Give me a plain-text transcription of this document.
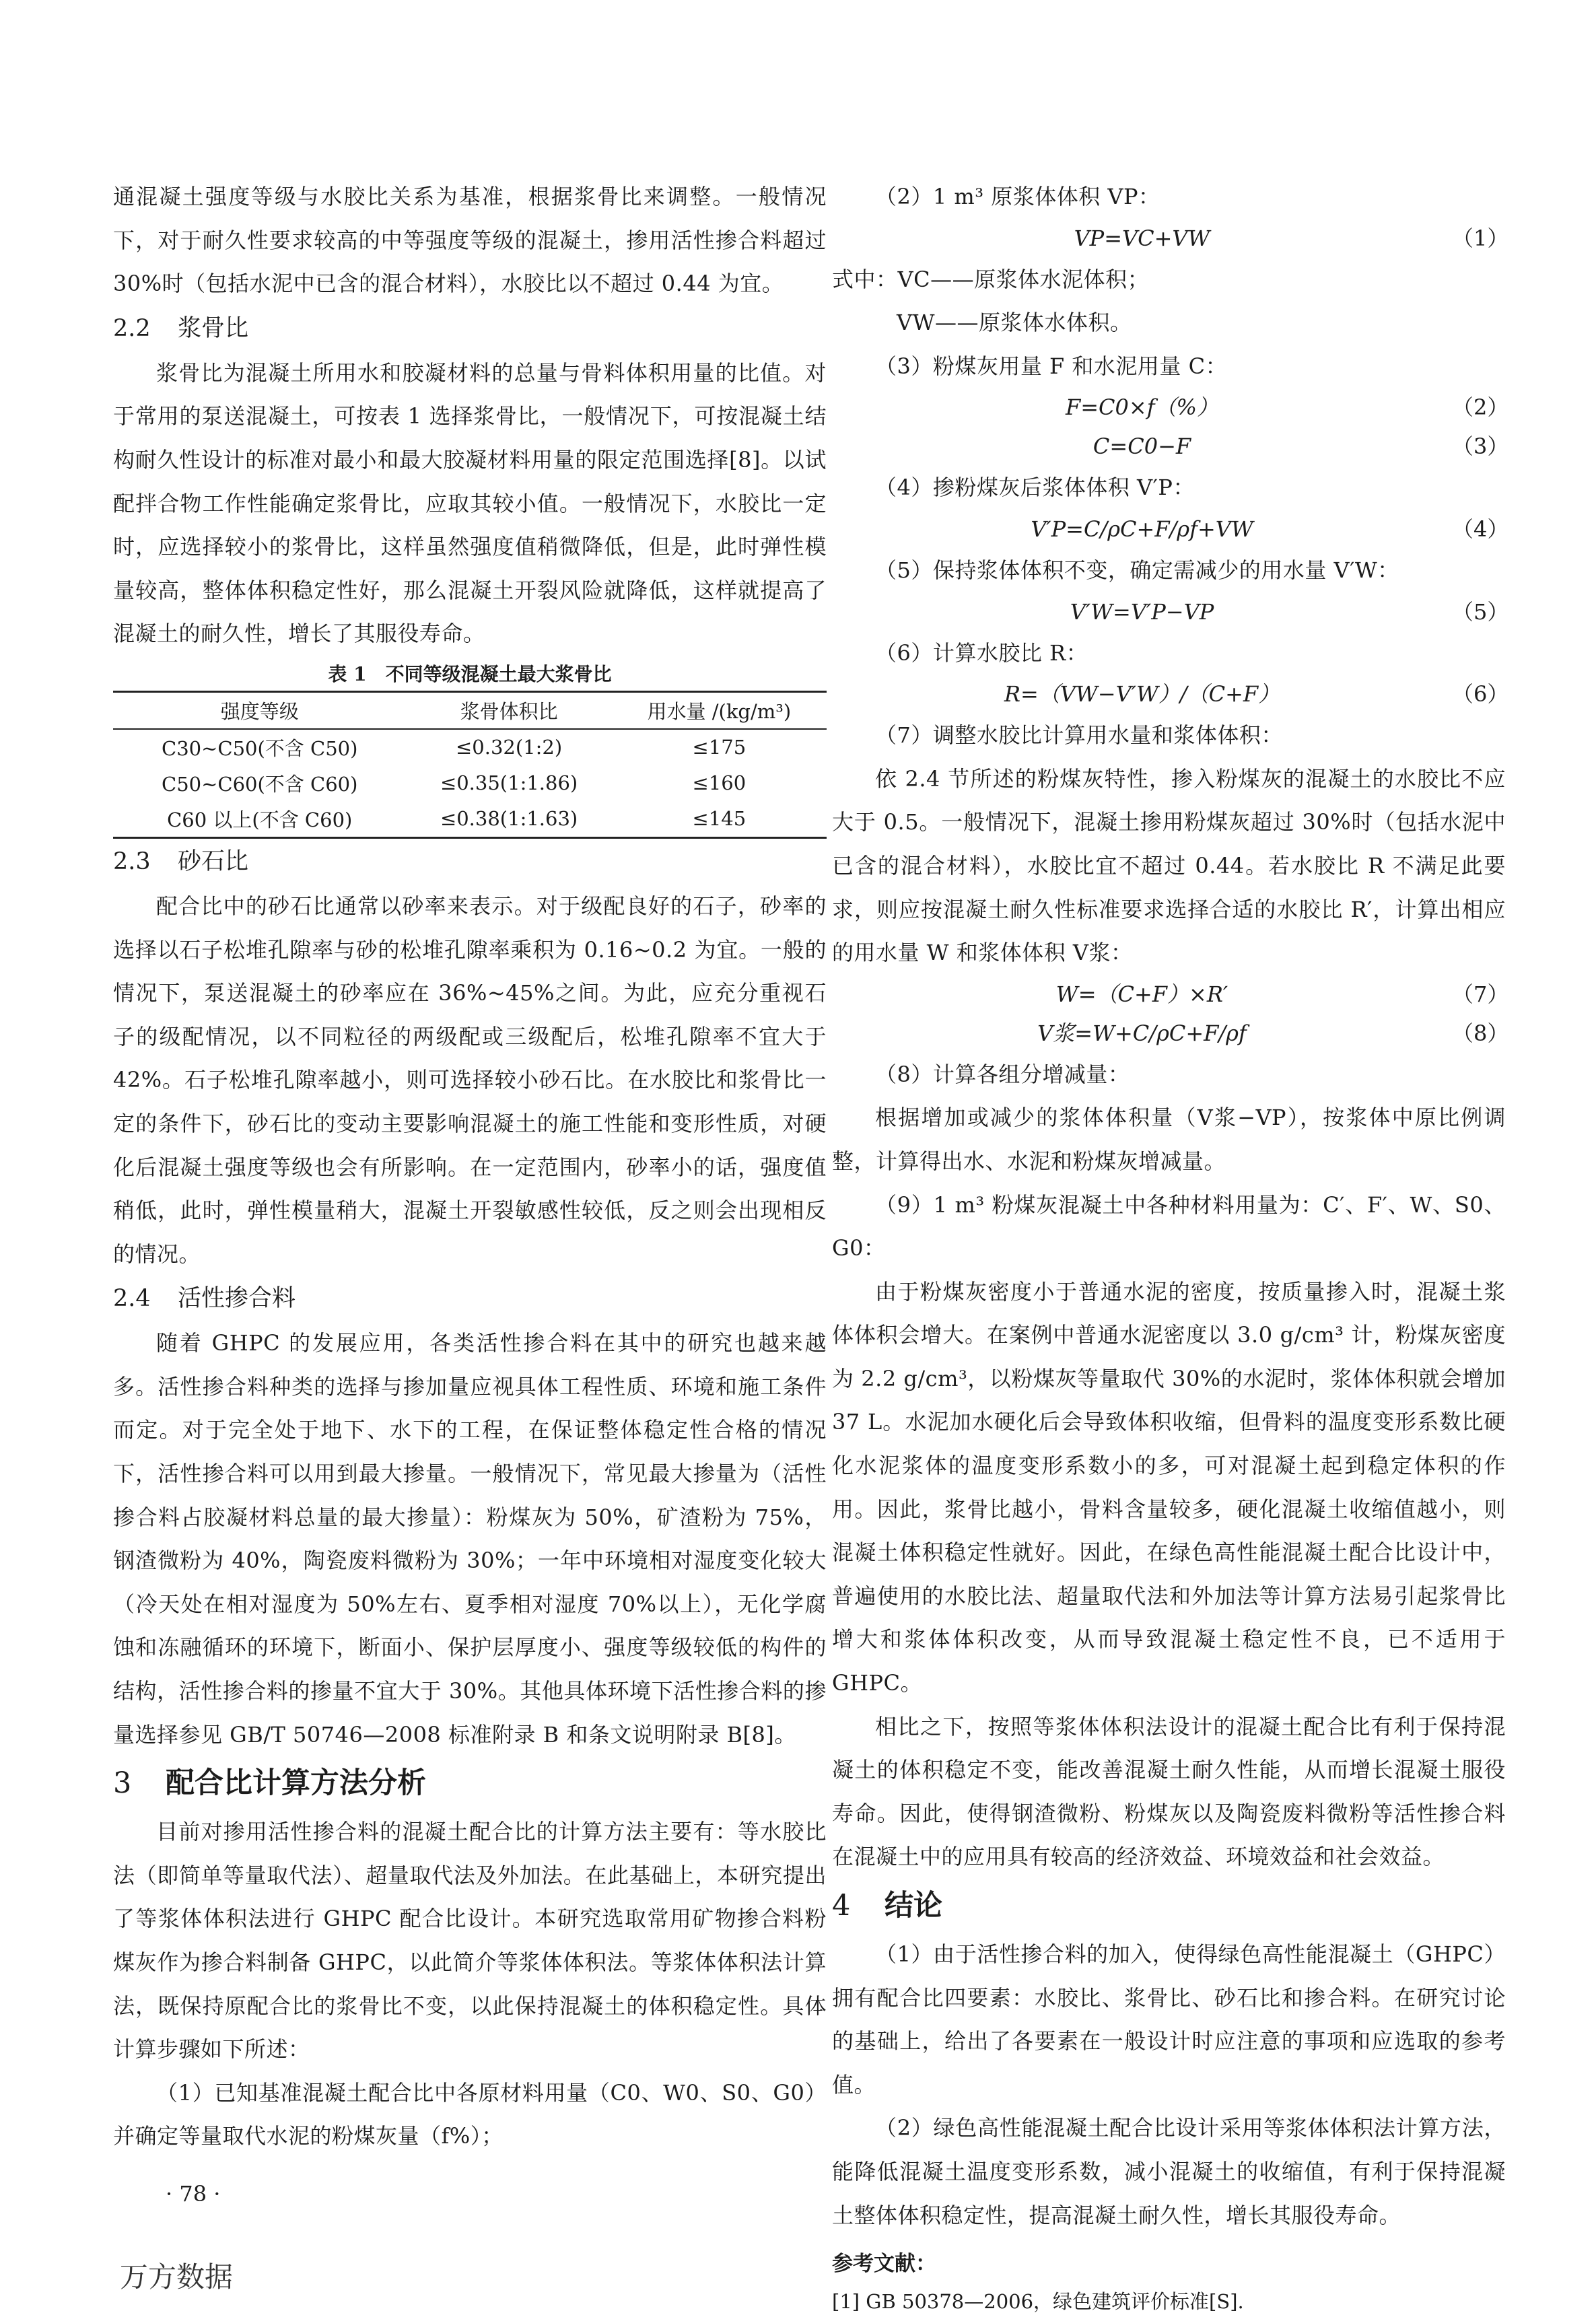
通混凝土强度等级与水胶比关系为基准，根据浆骨比来调整。一般情况下，对于耐久性要求较高的中等强度等级的混凝土，掺用活性掺合料超过 30%时（包括水泥中已含的混合材料），水胶比以不超过 0.44 为宜。

2.2 浆骨比

浆骨比为混凝土所用水和胶凝材料的总量与骨料体积用量的比值。对于常用的泵送混凝土，可按表 1 选择浆骨比，一般情况下，可按混凝土结构耐久性设计的标准对最小和最大胶凝材料用量的限定范围选择[8]。以试配拌合物工作性能确定浆骨比，应取其较小值。一般情况下，水胶比一定时，应选择较小的浆骨比，这样虽然强度值稍微降低，但是，此时弹性模量较高，整体体积稳定性好，那么混凝土开裂风险就降低，这样就提高了混凝土的耐久性，增长了其服役寿命。

表 1　不同等级混凝土最大浆骨比

强度等级	浆骨体积比	用水量 /(kg/m³)
C30~C50(不含 C50)	≤0.32(1:2)	≤175
C50~C60(不含 C60)	≤0.35(1:1.86)	≤160
C60 以上(不含 C60)	≤0.38(1:1.63)	≤145

2.3 砂石比

配合比中的砂石比通常以砂率来表示。对于级配良好的石子，砂率的选择以石子松堆孔隙率与砂的松堆孔隙率乘积为 0.16~0.2 为宜。一般的情况下，泵送混凝土的砂率应在 36%~45%之间。为此，应充分重视石子的级配情况，以不同粒径的两级配或三级配后，松堆孔隙率不宜大于 42%。石子松堆孔隙率越小，则可选择较小砂石比。在水胶比和浆骨比一定的条件下，砂石比的变动主要影响混凝土的施工性能和变形性质，对硬化后混凝土强度等级也会有所影响。在一定范围内，砂率小的话，强度值稍低，此时，弹性模量稍大，混凝土开裂敏感性较低，反之则会出现相反的情况。

2.4 活性掺合料

随着 GHPC 的发展应用，各类活性掺合料在其中的研究也越来越多。活性掺合料种类的选择与掺加量应视具体工程性质、环境和施工条件而定。对于完全处于地下、水下的工程，在保证整体稳定性合格的情况下，活性掺合料可以用到最大掺量。一般情况下，常见最大掺量为（活性掺合料占胶凝材料总量的最大掺量）：粉煤灰为 50%，矿渣粉为 75%，钢渣微粉为 40%，陶瓷废料微粉为 30%；一年中环境相对湿度变化较大（冷天处在相对湿度为 50%左右、夏季相对湿度 70%以上），无化学腐蚀和冻融循环的环境下，断面小、保护层厚度小、强度等级较低的构件的结构，活性掺合料的掺量不宜大于 30%。其他具体环境下活性掺合料的掺量选择参见 GB/T 50746—2008 标准附录 B 和条文说明附录 B[8]。

3 配合比计算方法分析

目前对掺用活性掺合料的混凝土配合比的计算方法主要有：等水胶比法（即简单等量取代法）、超量取代法及外加法。在此基础上，本研究提出了等浆体体积法进行 GHPC 配合比设计。本研究选取常用矿物掺合料粉煤灰作为掺合料制备 GHPC，以此简介等浆体体积法。等浆体体积法计算法，既保持原配合比的浆骨比不变，以此保持混凝土的体积稳定性。具体计算步骤如下所述：

（1）已知基准混凝土配合比中各原材料用量（C0、W0、S0、G0）并确定等量取代水泥的粉煤灰量（f%）；

（2）1 m³ 原浆体体积 VP：

VP=VC+VW	（1）

式中：VC——原浆体水泥体积；

VW——原浆体水体积。

（3）粉煤灰用量 F 和水泥用量 C：

F=C0×f（%）	（2）
C=C0−F	（3）

（4）掺粉煤灰后浆体体积 V′P：

V′P=C/ρC+F/ρf+VW	（4）

（5）保持浆体体积不变，确定需减少的用水量 V′W：

V′W=V′P−VP	（5）

（6）计算水胶比 R：

R=（VW−V′W）/（C+F）	（6）

（7）调整水胶比计算用水量和浆体体积：

依 2.4 节所述的粉煤灰特性，掺入粉煤灰的混凝土的水胶比不应大于 0.5。一般情况下，混凝土掺用粉煤灰超过 30%时（包括水泥中已含的混合材料），水胶比宜不超过 0.44。若水胶比 R 不满足此要求，则应按混凝土耐久性标准要求选择合适的水胶比 R′，计算出相应的用水量 W 和浆体体积 V浆：

W=（C+F）×R′	（7）
V浆=W+C/ρC+F/ρf	（8）

（8）计算各组分增减量：

根据增加或减少的浆体体积量（V浆−VP），按浆体中原比例调整，计算得出水、水泥和粉煤灰增减量。

（9）1 m³ 粉煤灰混凝土中各种材料用量为：C′、F′、W、S0、G0：

由于粉煤灰密度小于普通水泥的密度，按质量掺入时，混凝土浆体体积会增大。在案例中普通水泥密度以 3.0 g/cm³ 计，粉煤灰密度为 2.2 g/cm³，以粉煤灰等量取代 30%的水泥时，浆体体积就会增加 37 L。水泥加水硬化后会导致体积收缩，但骨料的温度变形系数比硬化水泥浆体的温度变形系数小的多，可对混凝土起到稳定体积的作用。因此，浆骨比越小，骨料含量较多，硬化混凝土收缩值越小，则混凝土体积稳定性就好。因此，在绿色高性能混凝土配合比设计中，普遍使用的水胶比法、超量取代法和外加法等计算方法易引起浆骨比增大和浆体体积改变，从而导致混凝土稳定性不良，已不适用于 GHPC。

相比之下，按照等浆体体积法设计的混凝土配合比有利于保持混凝土的体积稳定不变，能改善混凝土耐久性能，从而增长混凝土服役寿命。因此，使得钢渣微粉、粉煤灰以及陶瓷废料微粉等活性掺合料在混凝土中的应用具有较高的经济效益、环境效益和社会效益。

4 结论

（1）由于活性掺合料的加入，使得绿色高性能混凝土（GHPC）拥有配合比四要素：水胶比、浆骨比、砂石比和掺合料。在研究讨论的基础上，给出了各要素在一般设计时应注意的事项和应选取的参考值。

（2）绿色高性能混凝土配合比设计采用等浆体体积法计算方法，能降低混凝土温度变形系数，减小混凝土的收缩值，有利于保持混凝土整体体积稳定性，提高混凝土耐久性，增长其服役寿命。

参考文献：

[1] GB 50378—2006，绿色建筑评价标准[S].

· 78 ·
万方数据
